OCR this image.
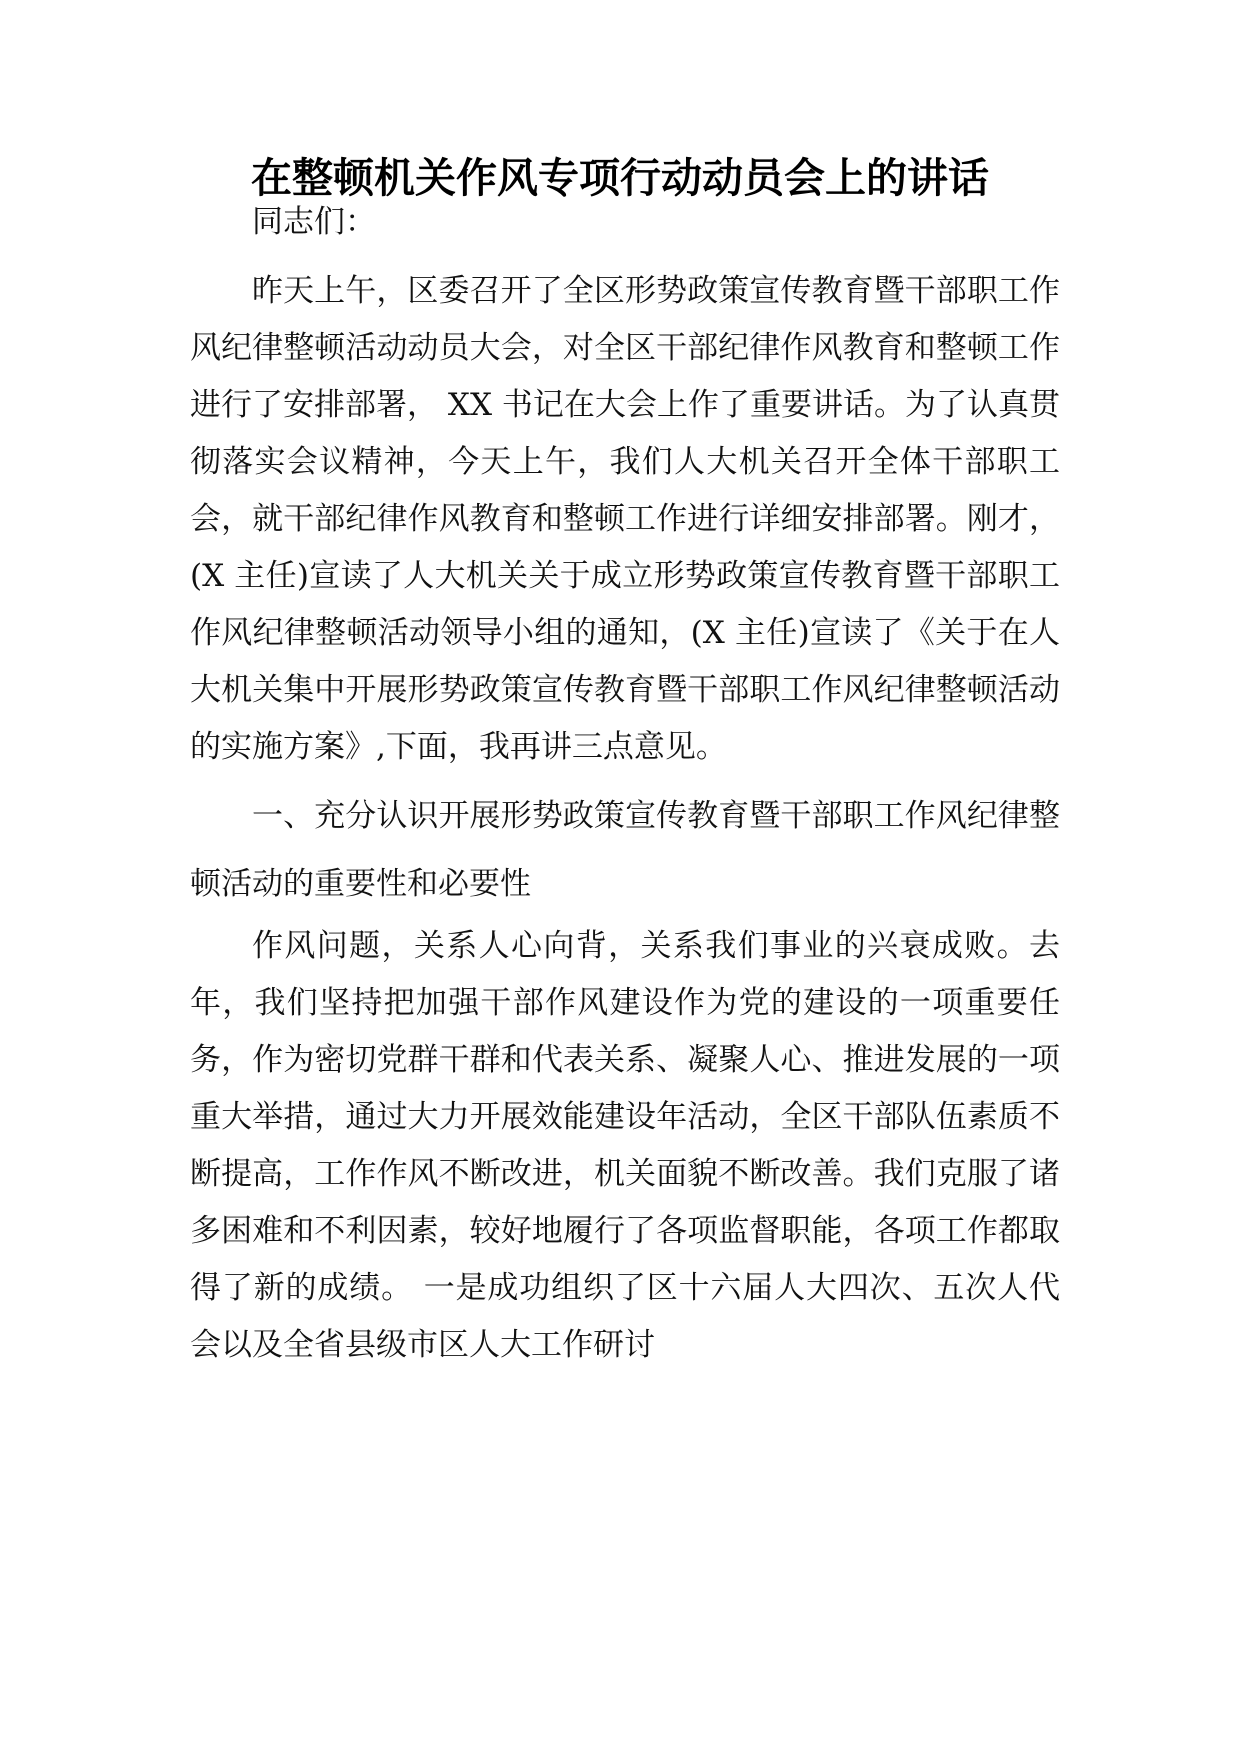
在整顿机关作风专项行动动员会上的讲话

同志们：

昨天上午，区委召开了全区形势政策宣传教育暨干部职工作风纪律整顿活动动员大会，对全区干部纪律作风教育和整顿工作进行了安排部署， XX 书记在大会上作了重要讲话。为了认真贯彻落实会议精神，今天上午，我们人大机关召开全体干部职工会，就干部纪律作风教育和整顿工作进行详细安排部署。刚才， (X 主任)宣读了人大机关关于成立形势政策宣传教育暨干部职工作风纪律整顿活动领导小组的通知，(X 主任)宣读了《关于在人大机关集中开展形势政策宣传教育暨干部职工作风纪律整顿活动的实施方案》,下面，我再讲三点意见。

一、充分认识开展形势政策宣传教育暨干部职工作风纪律整顿活动的重要性和必要性

作风问题，关系人心向背，关系我们事业的兴衰成败。去年，我们坚持把加强干部作风建设作为党的建设的一项重要任务，作为密切党群干群和代表关系、凝聚人心、推进发展的一项重大举措，通过大力开展效能建设年活动，全区干部队伍素质不断提高，工作作风不断改进，机关面貌不断改善。我们克服了诸多困难和不利因素，较好地履行了各项监督职能，各项工作都取得了新的成绩。 一是成功组织了区十六届人大四次、五次人代会以及全省县级市区人大工作研讨
